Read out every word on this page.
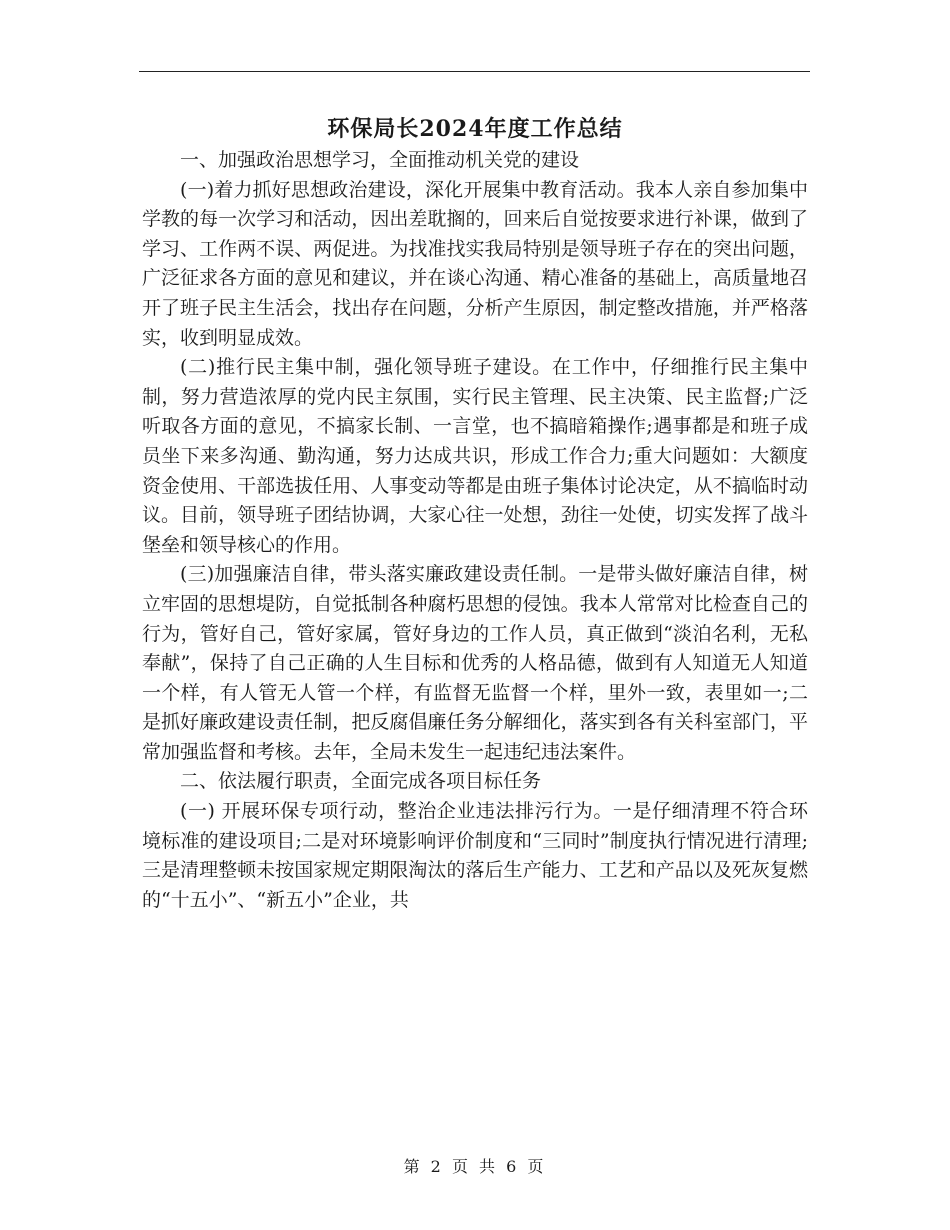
环保局长2024年度工作总结

一、加强政治思想学习，全面推动机关党的建设

(一)着力抓好思想政治建设，深化开展集中教育活动。我本人亲自参加集中学教的每一次学习和活动，因出差耽搁的，回来后自觉按要求进行补课，做到了学习、工作两不误、两促进。为找准找实我局特别是领导班子存在的突出问题，广泛征求各方面的意见和建议，并在谈心沟通、精心准备的基础上，高质量地召开了班子民主生活会，找出存在问题，分析产生原因，制定整改措施，并严格落实，收到明显成效。

(二)推行民主集中制，强化领导班子建设。在工作中，仔细推行民主集中制，努力营造浓厚的党内民主氛围，实行民主管理、民主决策、民主监督;广泛听取各方面的意见，不搞家长制、一言堂，也不搞暗箱操作;遇事都是和班子成员坐下来多沟通、勤沟通，努力达成共识，形成工作合力;重大问题如：大额度资金使用、干部选拔任用、人事变动等都是由班子集体讨论决定，从不搞临时动议。目前，领导班子团结协调，大家心往一处想，劲往一处使，切实发挥了战斗堡垒和领导核心的作用。

(三)加强廉洁自律，带头落实廉政建设责任制。一是带头做好廉洁自律，树立牢固的思想堤防，自觉抵制各种腐朽思想的侵蚀。我本人常常对比检查自己的行为，管好自己，管好家属，管好身边的工作人员，真正做到“淡泊名利，无私奉献”，保持了自己正确的人生目标和优秀的人格品德，做到有人知道无人知道一个样，有人管无人管一个样，有监督无监督一个样，里外一致，表里如一;二是抓好廉政建设责任制，把反腐倡廉任务分解细化，落实到各有关科室部门，平常加强监督和考核。去年，全局未发生一起违纪违法案件。

二、依法履行职责，全面完成各项目标任务

(一) 开展环保专项行动，整治企业违法排污行为。一是仔细清理不符合环境标准的建设项目;二是对环境影响评价制度和“三同时”制度执行情况进行清理;三是清理整顿未按国家规定期限淘汰的落后生产能力、工艺和产品以及死灰复燃的“十五小”、“新五小”企业，共

第 2 页 共 6 页
